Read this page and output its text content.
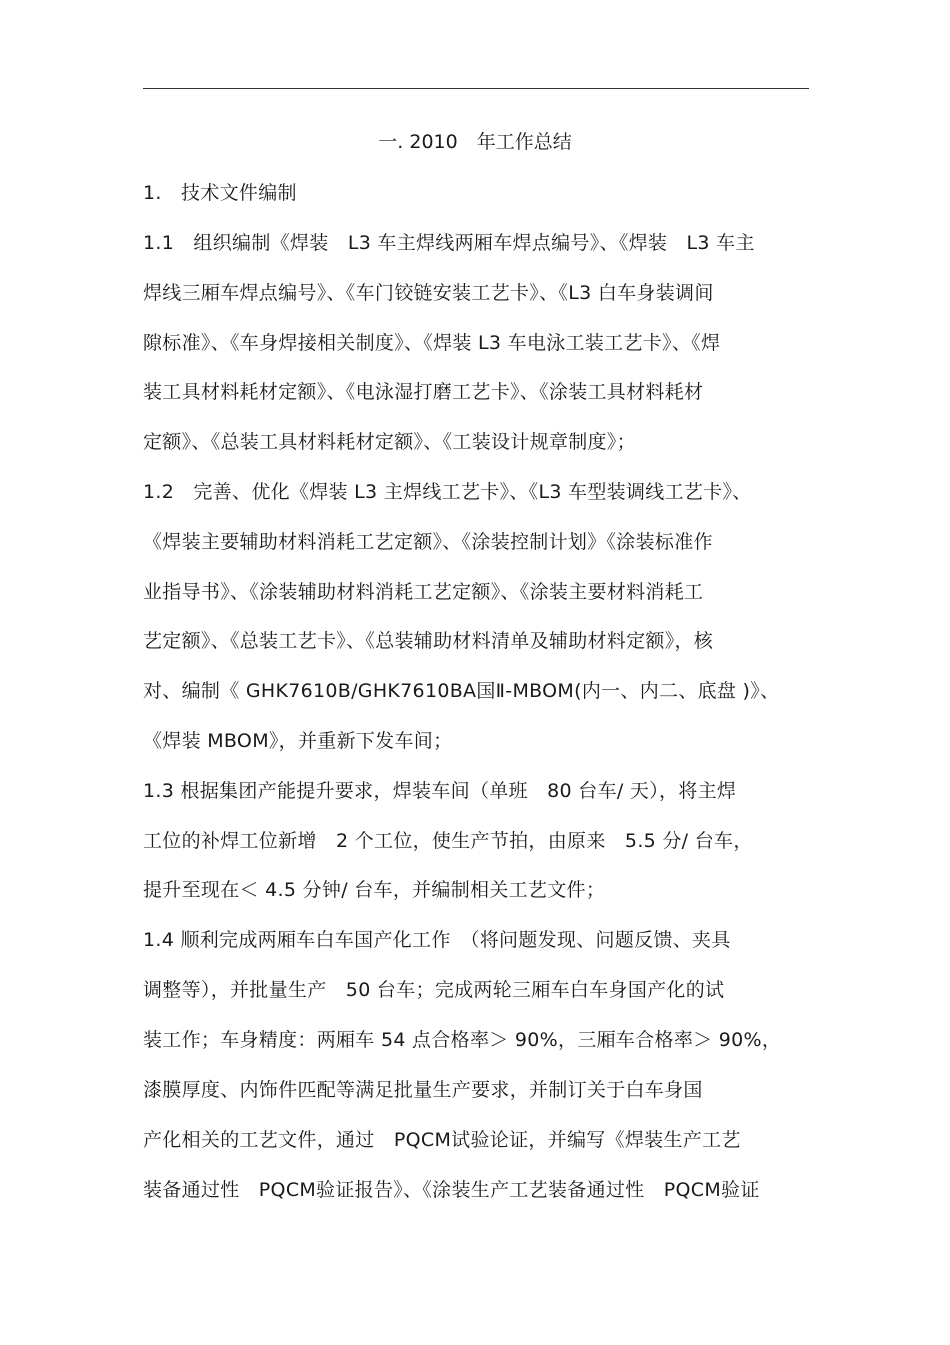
一. 2010　年工作总结
1.　技术文件编制
1.1　组织编制《焊装　L3 车主焊线两厢车焊点编号》、《焊装　L3 车主
焊线三厢车焊点编号》、《车门铰链安装工艺卡》、《L3 白车身装调间
隙标准》、《车身焊接相关制度》、《焊装 L3 车电泳工装工艺卡》、《焊
装工具材料耗材定额》、《电泳湿打磨工艺卡》、《涂装工具材料耗材
定额》、《总装工具材料耗材定额》、《工装设计规章制度》；
1.2　完善、优化《焊装 L3 主焊线工艺卡》、《L3 车型装调线工艺卡》、
《焊装主要辅助材料消耗工艺定额》、《涂装控制计划》《涂装标准作
业指导书》、《涂装辅助材料消耗工艺定额》、《涂装主要材料消耗工
艺定额》、《总装工艺卡》、《总装辅助材料清单及辅助材料定额》，核
对、编制《 GHK7610B/GHK7610BA国Ⅱ-MBOM(内一、内二、底盘 )》、
《焊装 MBOM》，并重新下发车间；
1.3 根据集团产能提升要求，焊装车间（单班　80 台车/ 天），将主焊
工位的补焊工位新增　2 个工位，使生产节拍，由原来　5.5 分/ 台车，
提升至现在＜ 4.5 分钟/ 台车，并编制相关工艺文件；
1.4 顺利完成两厢车白车国产化工作　（将问题发现、问题反馈、夹具
调整等），并批量生产　50 台车；完成两轮三厢车白车身国产化的试
装工作；车身精度：两厢车 54 点合格率＞ 90%，三厢车合格率＞ 90%，
漆膜厚度、内饰件匹配等满足批量生产要求，并制订关于白车身国
产化相关的工艺文件，通过　PQCM试验论证，并编写《焊装生产工艺
装备通过性　PQCM验证报告》、《涂装生产工艺装备通过性　PQCM验证
